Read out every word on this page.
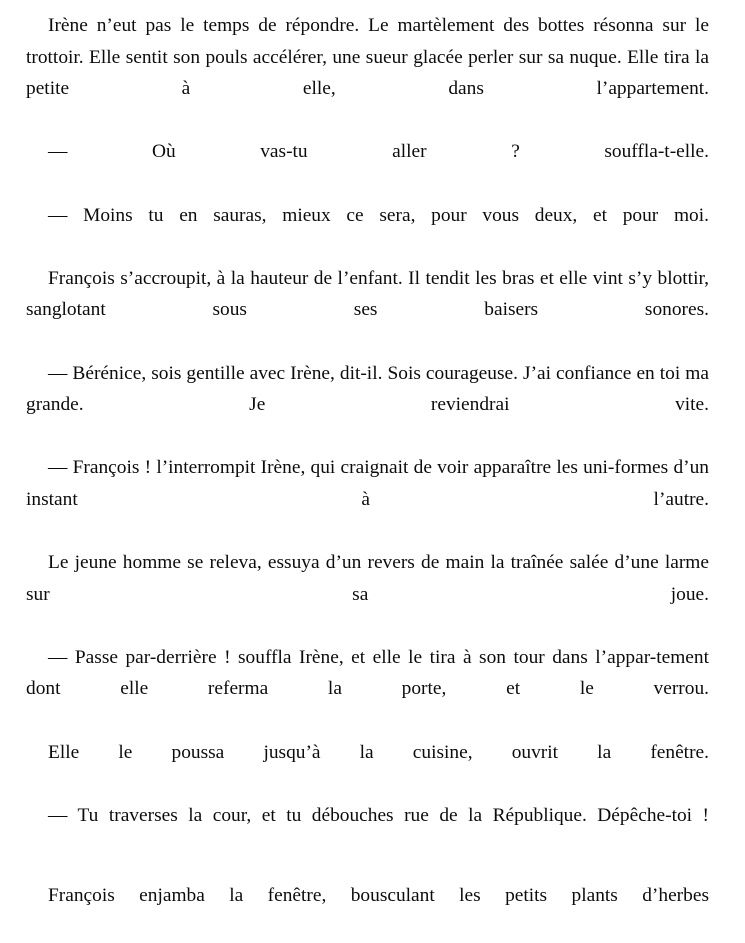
Irène n’eut pas le temps de répondre. Le martèlement des bottes résonna sur le trottoir. Elle sentit son pouls accélérer, une sueur glacée perler sur sa nuque. Elle tira la petite à elle, dans l’appartement.

— Où vas-tu aller ? souffla-t-elle.

— Moins tu en sauras, mieux ce sera, pour vous deux, et pour moi.

François s’accroupit, à la hauteur de l’enfant. Il tendit les bras et elle vint s’y blottir, sanglotant sous ses baisers sonores.

— Bérénice, sois gentille avec Irène, dit-il. Sois courageuse. J’ai confiance en toi ma grande. Je reviendrai vite.

— François ! l’interrompit Irène, qui craignait de voir apparaître les uni-formes d’un instant à l’autre.

Le jeune homme se releva, essuya d’un revers de main la traînée salée d’une larme sur sa joue.

— Passe par-derrière ! souffla Irène, et elle le tira à son tour dans l’appar-tement dont elle referma la porte, et le verrou.

Elle le poussa jusqu’à la cuisine, ouvrit la fenêtre.

— Tu traverses la cour, et tu débouches rue de la République. Dépêche-toi !

François enjamba la fenêtre, bousculant les petits plants d’herbes
